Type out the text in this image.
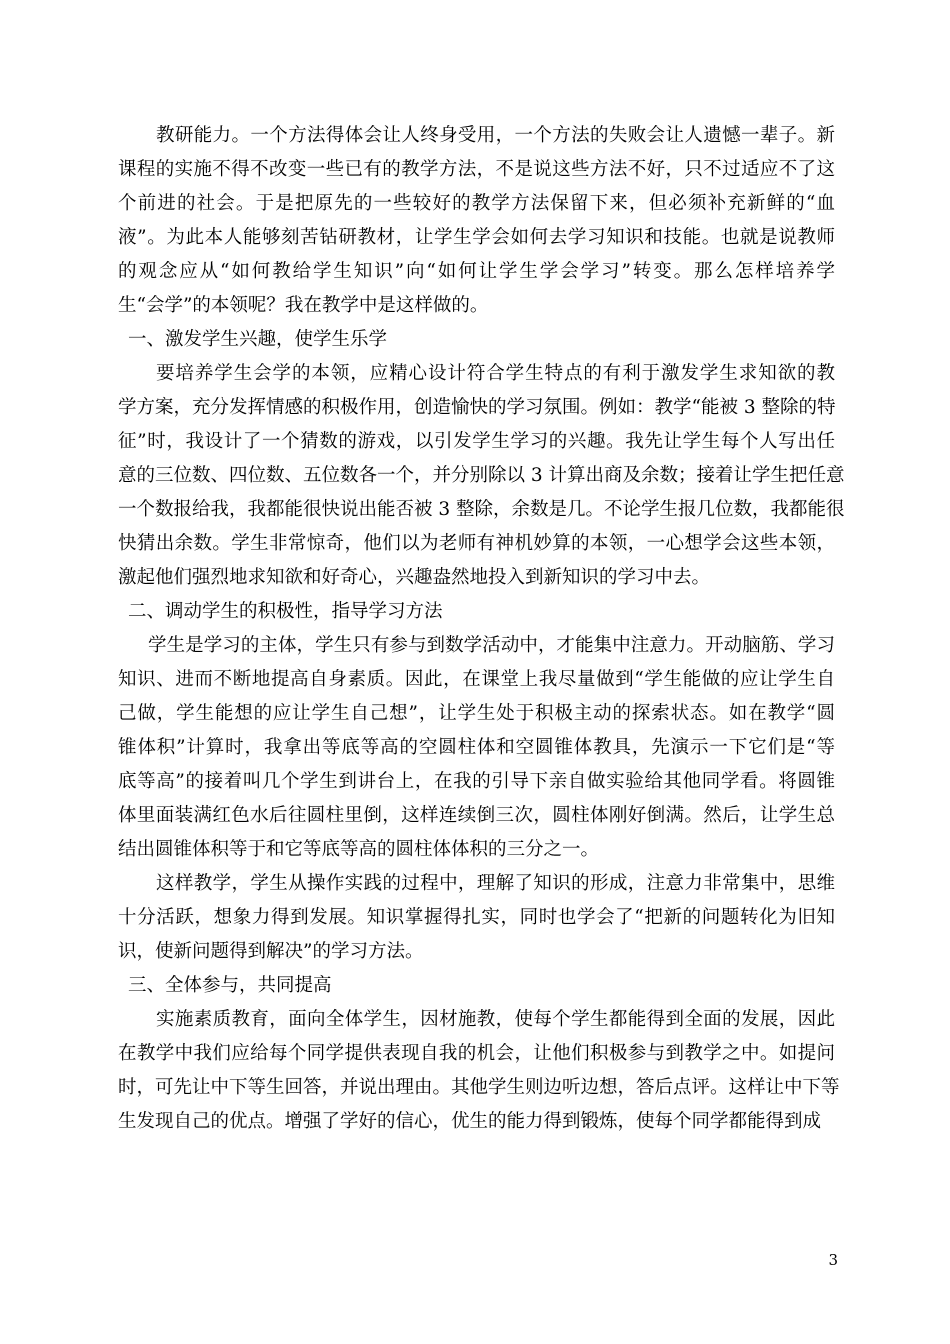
教研能力。一个方法得体会让人终身受用，一个方法的失败会让人遗憾一辈子。新
课程的实施不得不改变一些已有的教学方法，不是说这些方法不好，只不过适应不了这
个前进的社会。于是把原先的一些较好的教学方法保留下来，但必须补充新鲜的“血
液”。为此本人能够刻苦钻研教材，让学生学会如何去学习知识和技能。也就是说教师
的观念应从“如何教给学生知识”向“如何让学生学会学习”转变。那么怎样培养学
生“会学”的本领呢？我在教学中是这样做的。
一、激发学生兴趣，使学生乐学
要培养学生会学的本领，应精心设计符合学生特点的有利于激发学生求知欲的教
学方案，充分发挥情感的积极作用，创造愉快的学习氛围。例如：教学“能被 3 整除的特
征”时，我设计了一个猜数的游戏，以引发学生学习的兴趣。我先让学生每个人写出任
意的三位数、四位数、五位数各一个，并分别除以 3 计算出商及余数；接着让学生把任意
一个数报给我，我都能很快说出能否被 3 整除，余数是几。不论学生报几位数，我都能很
快猜出余数。学生非常惊奇，他们以为老师有神机妙算的本领，一心想学会这些本领，
激起他们强烈地求知欲和好奇心，兴趣盎然地投入到新知识的学习中去。
二、调动学生的积极性，指导学习方法
学生是学习的主体，学生只有参与到数学活动中，才能集中注意力。开动脑筋、学习
知识、进而不断地提高自身素质。因此，在课堂上我尽量做到“学生能做的应让学生自
己做，学生能想的应让学生自己想”，让学生处于积极主动的探索状态。如在教学“圆
锥体积”计算时，我拿出等底等高的空圆柱体和空圆锥体教具，先演示一下它们是“等
底等高”的接着叫几个学生到讲台上，在我的引导下亲自做实验给其他同学看。将圆锥
体里面装满红色水后往圆柱里倒，这样连续倒三次，圆柱体刚好倒满。然后，让学生总
结出圆锥体积等于和它等底等高的圆柱体体积的三分之一。
这样教学，学生从操作实践的过程中，理解了知识的形成，注意力非常集中，思维
十分活跃，想象力得到发展。知识掌握得扎实，同时也学会了“把新的问题转化为旧知
识，使新问题得到解决”的学习方法。
三、全体参与，共同提高
实施素质教育，面向全体学生，因材施教，使每个学生都能得到全面的发展，因此
在教学中我们应给每个同学提供表现自我的机会，让他们积极参与到教学之中。如提问
时，可先让中下等生回答，并说出理由。其他学生则边听边想，答后点评。这样让中下等
生发现自己的优点。增强了学好的信心，优生的能力得到锻炼，使每个同学都能得到成
3
